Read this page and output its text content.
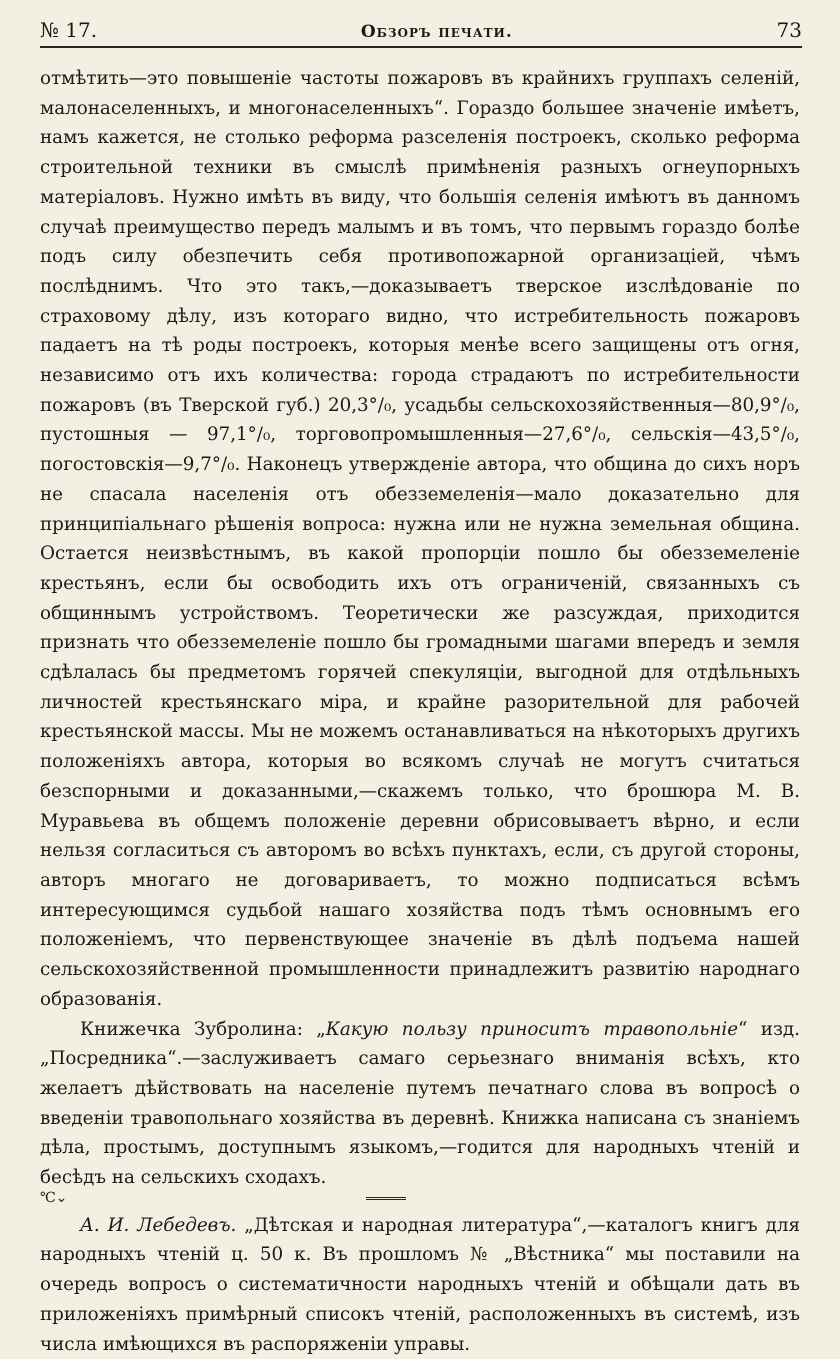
№ 17.	Обзоръ печати.	73

отмѣтить—это повышеніе частоты пожаровъ въ крайнихъ группахъ селеній, малонаселенныхъ, и многонаселенныхъ“. Гораздо большее значеніе имѣетъ, намъ кажется, не столько реформа разселенія построекъ, сколько реформа строительной техники въ смыслѣ примѣненія разныхъ огнеупорныхъ матеріаловъ. Нужно имѣть въ виду, что большія селенія имѣютъ въ данномъ случаѣ преимущество передъ малымъ и въ томъ, что первымъ гораздо болѣе подъ силу обезпечить себя противопожарной организаціей, чѣмъ послѣднимъ. Что это такъ,—доказываетъ тверское изслѣдованіе по страховому дѣлу, изъ котораго видно, что истребительность пожаровъ падаетъ на тѣ роды построекъ, которыя менѣе всего защищены отъ огня, независимо отъ ихъ количества: города страдаютъ по истребительности пожаровъ (въ Тверской губ.) 20,3°/₀, усадьбы сельскохозяйственныя—80,9°/₀, пустошныя — 97,1°/₀, торговопромышленныя—27,6°/₀, сельскія—43,5°/₀, погостовскія—9,7°/₀. Наконецъ утвержденіе автора, что община до сихъ норъ не спасала населенія отъ обезземеленія—мало доказательно для принципіальнаго рѣшенія вопроса: нужна или не нужна земельная община. Остается неизвѣстнымъ, въ какой пропорціи пошло бы обезземеленіе крестьянъ, если бы освободить ихъ отъ ограниченій, связанныхъ съ общиннымъ устройствомъ. Теоретически же разсуждая, приходится признать что обезземеленіе пошло бы громадными шагами впередъ и земля сдѣлалась бы предметомъ горячей спекуляціи, выгодной для отдѣльныхъ личностей крестьянскаго міра, и крайне разорительной для рабочей крестьянской массы. Мы не можемъ останавливаться на нѣкоторыхъ другихъ положеніяхъ автора, которыя во всякомъ случаѣ не могутъ считаться безспорными и доказанными,—скажемъ только, что брошюра М. В. Муравьева въ общемъ положеніе деревни обрисовываетъ вѣрно, и если нельзя согласиться съ авторомъ во всѣхъ пунктахъ, если, съ другой стороны, авторъ многаго не договариваетъ, то можно подписаться всѣмъ интересующимся судьбой нашаго хозяйства подъ тѣмъ основнымъ его положеніемъ, что первенствующее значеніе въ дѣлѣ подъема нашей сельскохозяйственной промышленности принадлежитъ развитію народнаго образованія.

Книжечка Зубролина: „Какую пользу приноситъ травопольніе“ изд. „Посредника“.—заслуживаетъ самаго серьезнаго вниманія всѣхъ, кто желаетъ дѣйствовать на населеніе путемъ печатнаго слова въ вопросѣ о введеніи травопольнаго хозяйства въ деревнѣ. Книжка написана съ знаніемъ дѣла, простымъ, доступнымъ языкомъ,—годится для народныхъ чтеній и бесѣдъ на сельскихъ сходахъ.

℃⌄

А. И. Лебедевъ. „Дѣтская и народная литература“,—каталогъ книгъ для народныхъ чтеній ц. 50 к. Въ прошломъ № „Вѣстника“ мы поставили на очередь вопросъ о систематичности народныхъ чтеній и обѣщали дать въ приложеніяхъ примѣрный списокъ чтеній, расположенныхъ въ системѣ, изъ числа имѣющихся въ распоряженіи управы.
